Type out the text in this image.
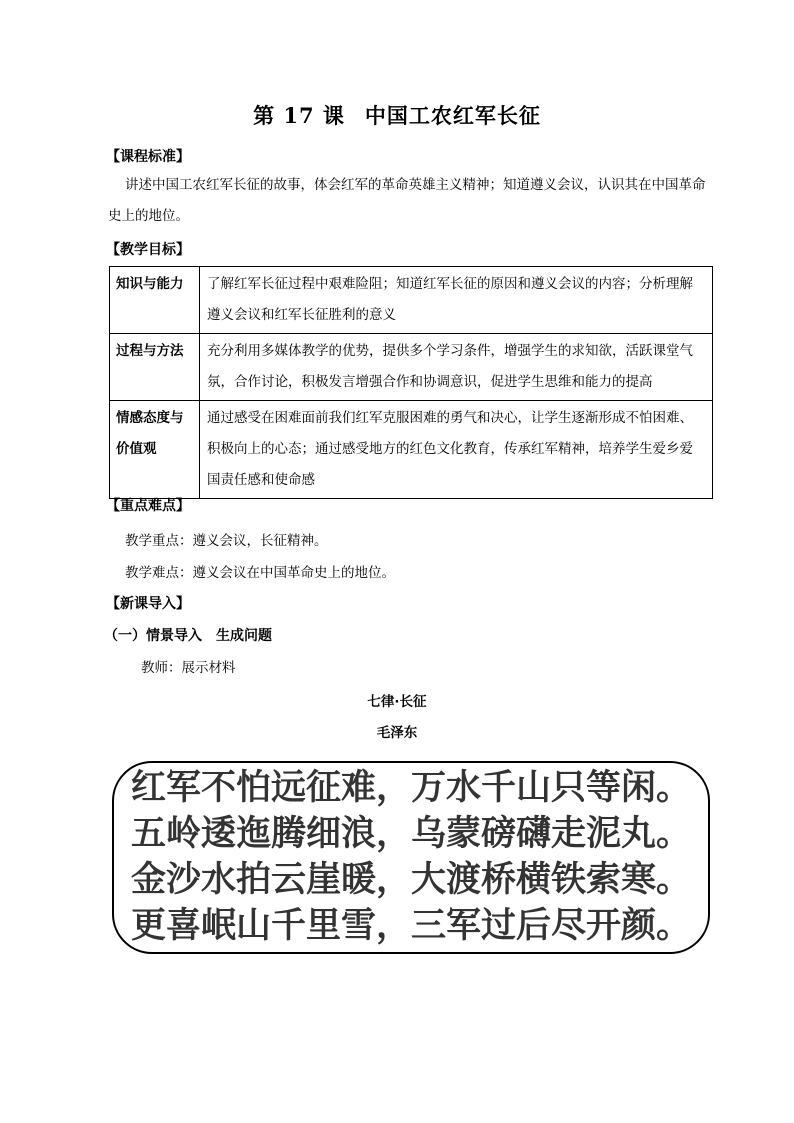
第 17 课 中国工农红军长征
【课程标准】
讲述中国工农红军长征的故事，体会红军的革命英雄主义精神；知道遵义会议，认识其在中国革命史上的地位。
【教学目标】
知识与能力	了解红军长征过程中艰难险阻；知道红军长征的原因和遵义会议的内容；分析理解遵义会议和红军长征胜利的意义
过程与方法	充分利用多媒体教学的优势，提供多个学习条件，增强学生的求知欲，活跃课堂气氛，合作讨论，积极发言增强合作和协调意识，促进学生思维和能力的提高
情感态度与价值观	通过感受在困难面前我们红军克服困难的勇气和决心，让学生逐渐形成不怕困难、积极向上的心态；通过感受地方的红色文化教育，传承红军精神，培养学生爱乡爱国责任感和使命感
【重点难点】
教学重点：遵义会议，长征精神。
教学难点：遵义会议在中国革命史上的地位。
【新课导入】
（一）情景导入　生成问题
教师：展示材料
七律·长征
毛泽东
红军不怕远征难，万水千山只等闲。
五岭逶迤腾细浪，乌蒙磅礴走泥丸。
金沙水拍云崖暖，大渡桥横铁索寒。
更喜岷山千里雪，三军过后尽开颜。
